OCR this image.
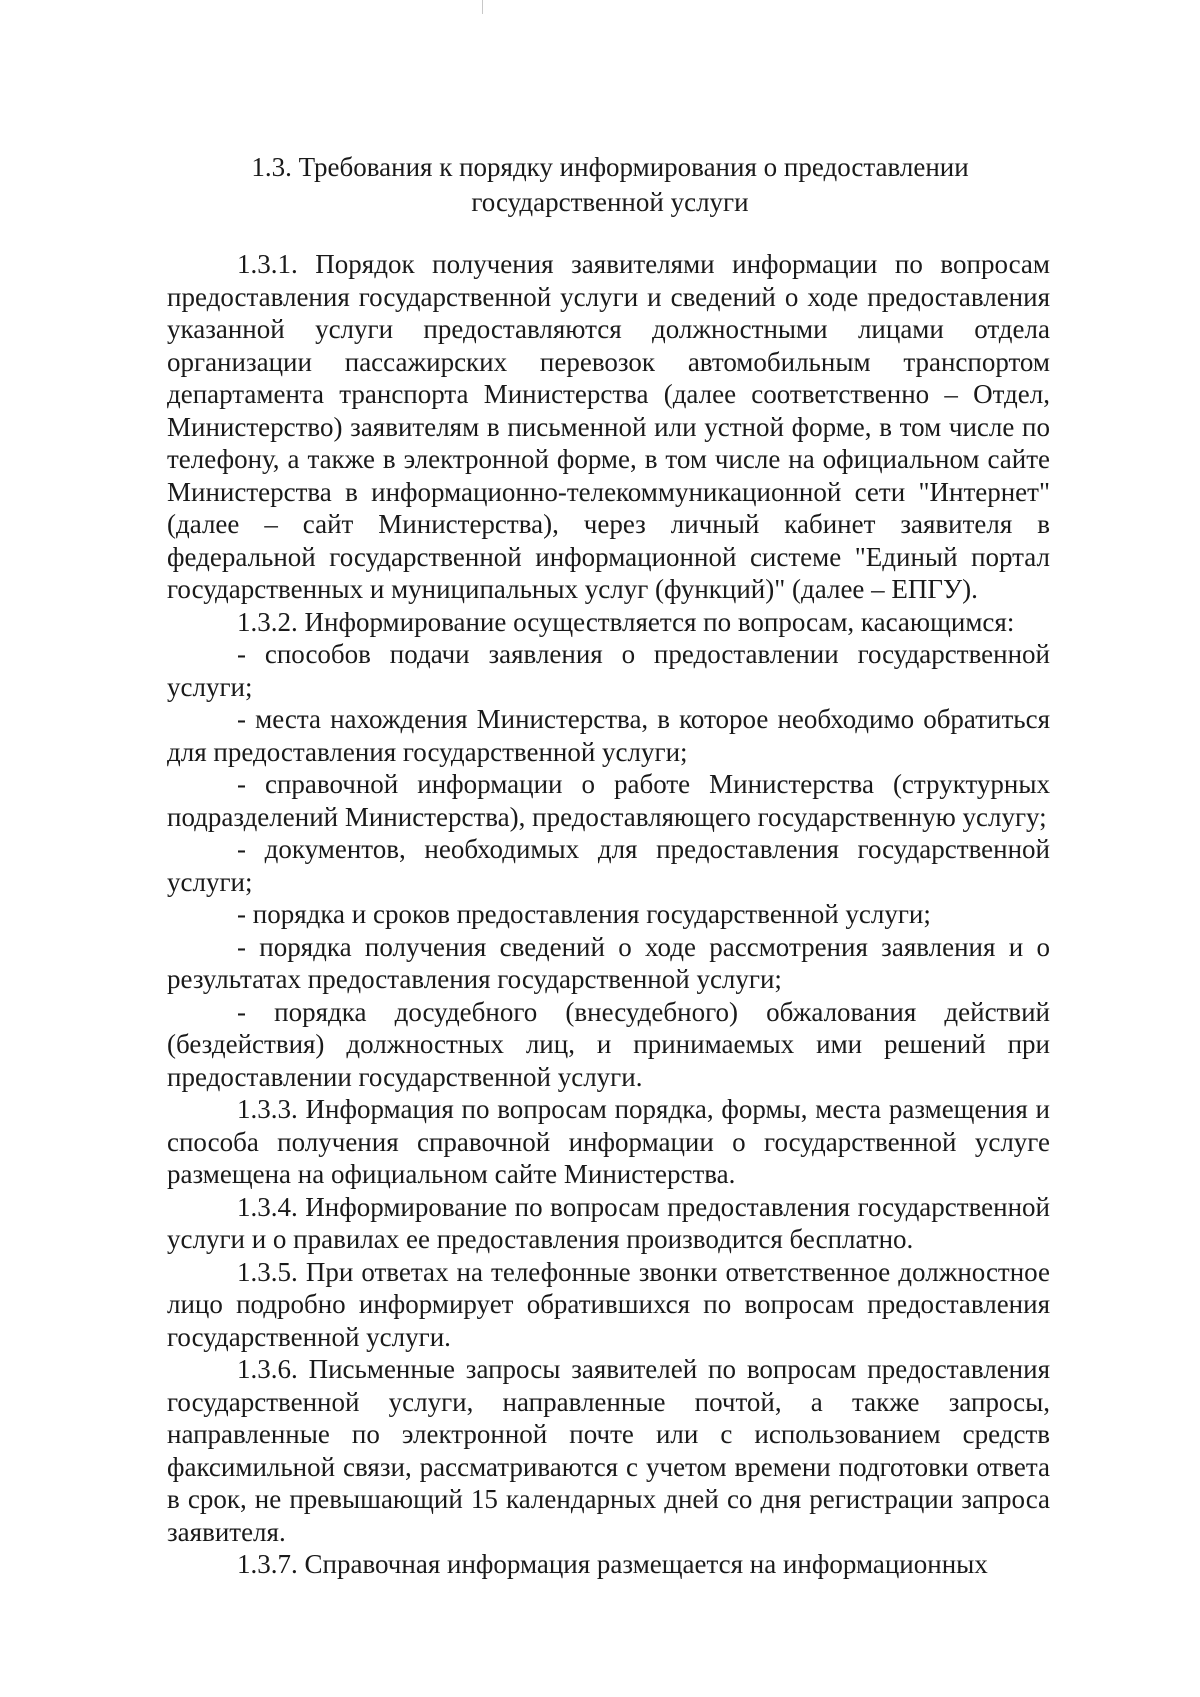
1.3. Требования к порядку информирования о предоставлении
государственной услуги

1.3.1. Порядок получения заявителями информации по вопросам предоставления государственной услуги и сведений о ходе предоставления указанной услуги предоставляются должностными лицами отдела организации пассажирских перевозок автомобильным транспортом департамента транспорта Министерства (далее соответственно – Отдел, Министерство) заявителям в письменной или устной форме, в том числе по телефону, а также в электронной форме, в том числе на официальном сайте Министерства в информационно-телекоммуникационной сети "Интернет" (далее – сайт Министерства), через личный кабинет заявителя в федеральной государственной информационной системе "Единый портал государственных и муниципальных услуг (функций)" (далее – ЕПГУ).

1.3.2. Информирование осуществляется по вопросам, касающимся:

- способов подачи заявления о предоставлении государственной услуги;

- места нахождения Министерства, в которое необходимо обратиться для предоставления государственной услуги;

- справочной информации о работе Министерства (структурных подразделений Министерства), предоставляющего государственную услугу;

- документов, необходимых для предоставления государственной услуги;

- порядка и сроков предоставления государственной услуги;

- порядка получения сведений о ходе рассмотрения заявления и о результатах предоставления государственной услуги;

- порядка досудебного (внесудебного) обжалования действий (бездействия) должностных лиц, и принимаемых ими решений при предоставлении государственной услуги.

1.3.3. Информация по вопросам порядка, формы, места размещения и способа получения справочной информации о государственной услуге размещена на официальном сайте Министерства.

1.3.4. Информирование по вопросам предоставления государственной услуги и о правилах ее предоставления производится бесплатно.

1.3.5. При ответах на телефонные звонки ответственное должностное лицо подробно информирует обратившихся по вопросам предоставления государственной услуги.

1.3.6. Письменные запросы заявителей по вопросам предоставления государственной услуги, направленные почтой, а также запросы, направленные по электронной почте или с использованием средств факсимильной связи, рассматриваются с учетом времени подготовки ответа в срок, не превышающий 15 календарных дней со дня регистрации запроса заявителя.

1.3.7. Справочная информация размещается на информационных
